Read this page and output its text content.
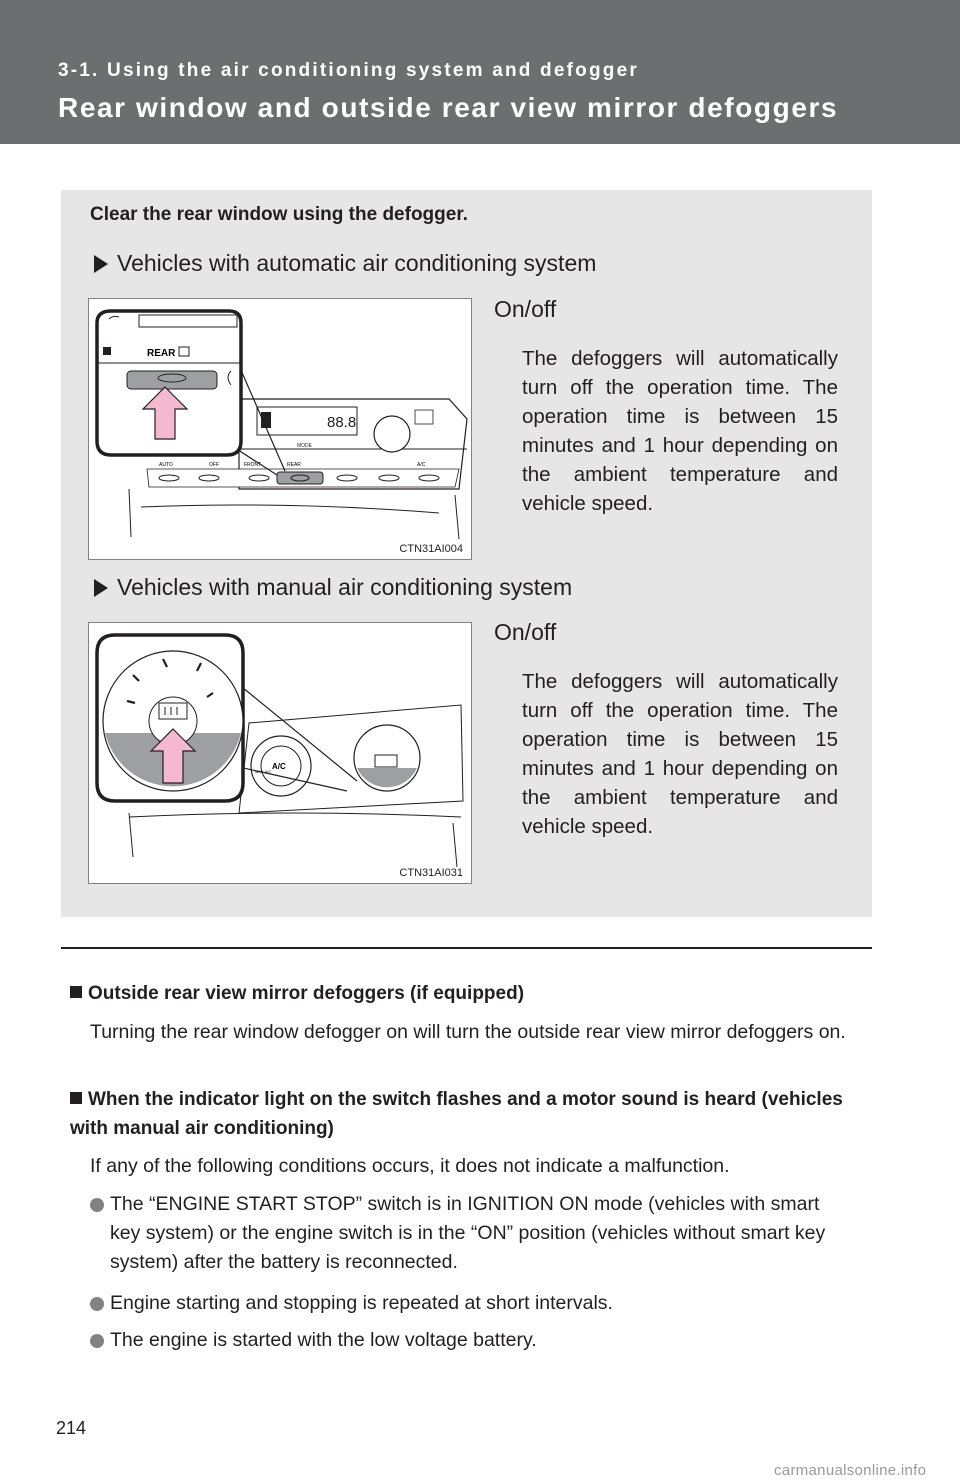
3-1. Using the air conditioning system and defogger
Rear window and outside rear view mirror defoggers
Clear the rear window using the defogger.
Vehicles with automatic air conditioning system
88.8
MODE
AUTO	OFF	FRONT	REAR	A/C
REAR
CTN31AI004
On/off
The defoggers will automatically turn off the operation time. The operation time is between 15 minutes and 1 hour depending on the ambient temperature and vehicle speed.
Vehicles with manual air conditioning system
A/C
MAX A/C
CTN31AI031
On/off
The defoggers will automatically turn off the operation time. The operation time is between 15 minutes and 1 hour depending on the ambient temperature and vehicle speed.
Outside rear view mirror defoggers (if equipped)
Turning the rear window defogger on will turn the outside rear view mirror defoggers on.
When the indicator light on the switch flashes and a motor sound is heard (vehicles with manual air conditioning)
If any of the following conditions occurs, it does not indicate a malfunction.
The “ENGINE START STOP” switch is in IGNITION ON mode (vehicles with smart key system) or the engine switch is in the “ON” position (vehicles without smart key system) after the battery is reconnected.
Engine starting and stopping is repeated at short intervals.
The engine is started with the low voltage battery.
214
carmanualsonline.info
